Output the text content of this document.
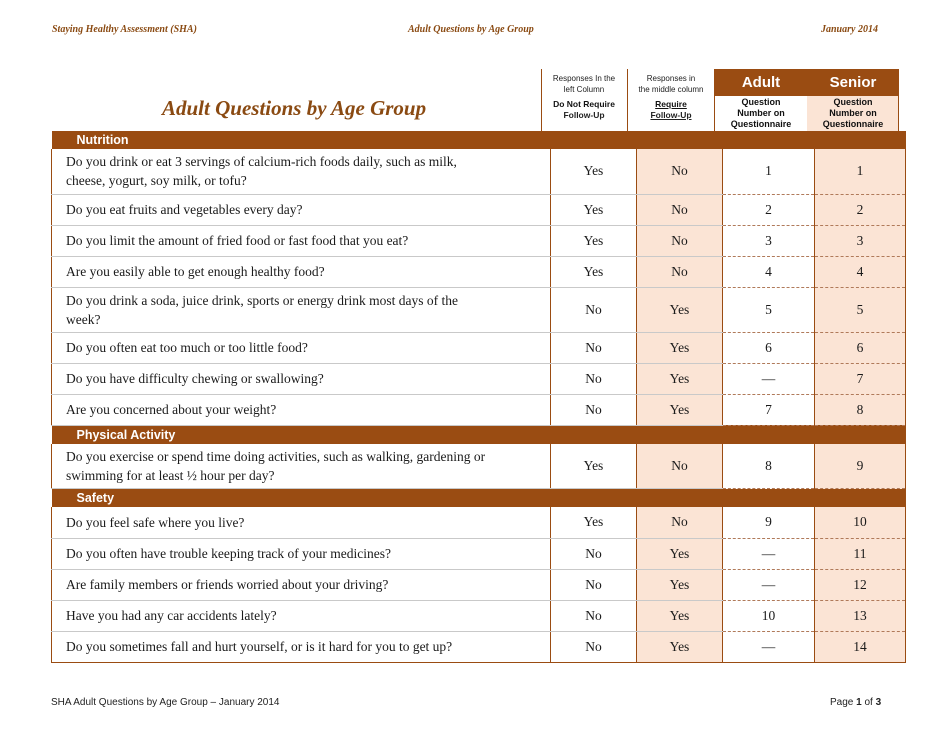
Staying Healthy Assessment (SHA)	Adult Questions by Age Group	January 2014
Adult Questions by Age Group
Responses In the
left Column
Do Not Require
Follow-Up
Responses in
the middle column
Require
Follow-Up
Adult
Question
Number on
Questionnaire
Senior
Question
Number on
Questionnaire
Nutrition				

Do you drink or eat 3 servings of calcium-rich foods daily, such as milk,
cheese, yogurt, soy milk, or tofu?	Yes	No	1	1

Do you eat fruits and vegetables every day?	Yes	No	2	2

Do you limit the amount of fried food or fast food that you eat?	Yes	No	3	3

Are you easily able to get enough healthy food?	Yes	No	4	4

Do you drink a soda, juice drink, sports or energy drink most days of the
week?	No	Yes	5	5

Do you often eat too much or too little food?	No	Yes	6	6

Do you have difficulty chewing or swallowing?	No	Yes	—	7

Are you concerned about your weight?	No	Yes	7	8
Physical Activity				

Do you exercise or spend time doing activities, such as walking, gardening or
swimming for at least ½ hour per day?	Yes	No	8	9
Safety				

Do you feel safe where you live?	Yes	No	9	10

Do you often have trouble keeping track of your medicines?	No	Yes	—	11

Are family members or friends worried about your driving?	No	Yes	—	12

Have you had any car accidents lately?	No	Yes	10	13

Do you sometimes fall and hurt yourself, or is it hard for you to get up?	No	Yes	—	14
SHA Adult Questions by Age Group – January 2014	Page 1 of 3
